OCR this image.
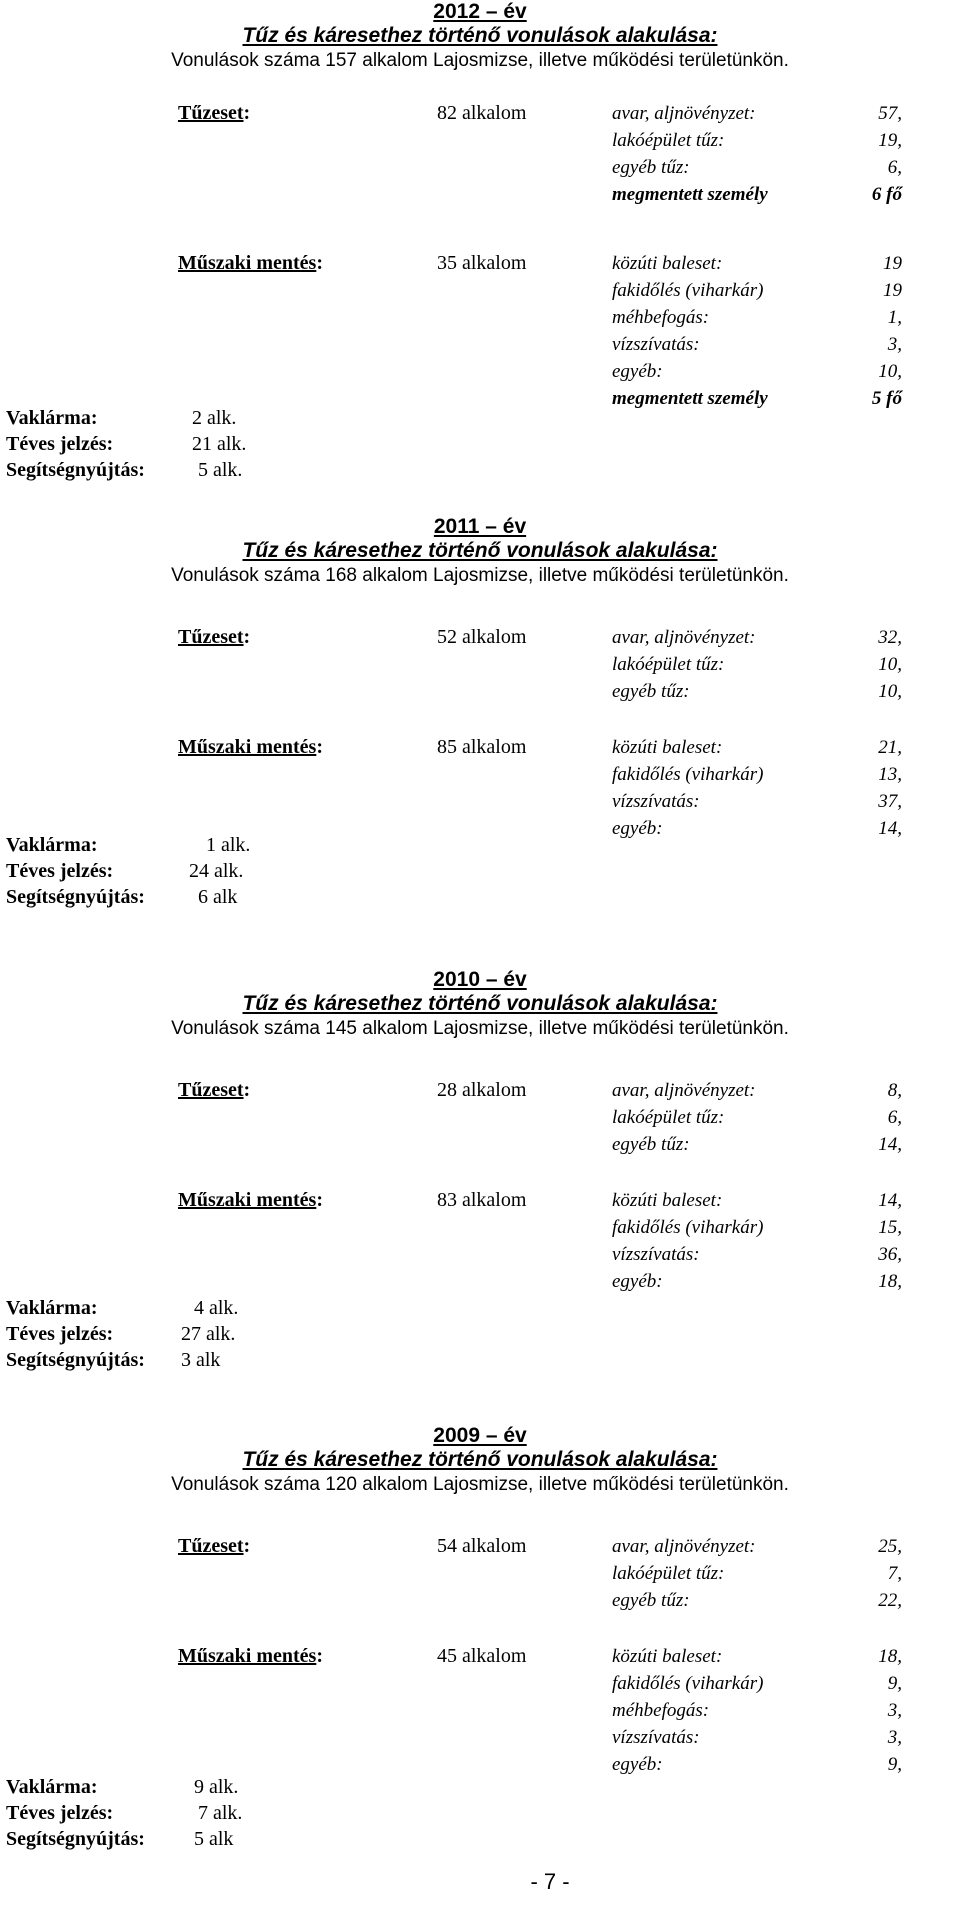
2012 – év
Tűz és káresethez történő vonulások alakulása:
Vonulások száma 157 alkalom Lajosmizse, illetve működési területünkön.
Tűzeset:	82 alkalom	avar, aljnövényzet:	57,
lakóépület tűz:	19,
egyéb tűz:	6,
megmentett személy	6 fő
Műszaki mentés:	35 alkalom	közúti baleset:	19
fakidőlés (viharkár)	19
méhbefogás:	1,
vízszívatás:	3,
egyéb:	10,
megmentett személy	5 fő
Vaklárma:	2 alk.
Téves jelzés:	21 alk.
Segítségnyújtás:	5 alk.
2011 – év
Tűz és káresethez történő vonulások alakulása:
Vonulások száma 168 alkalom Lajosmizse, illetve működési területünkön.
Tűzeset:	52 alkalom	avar, aljnövényzet:	32,
lakóépület tűz:	10,
egyéb tűz:	10,
Műszaki mentés:	85 alkalom	közúti baleset:	21,
fakidőlés (viharkár)	13,
vízszívatás:	37,
egyéb:	14,
Vaklárma:	1 alk.
Téves jelzés:	24 alk.
Segítségnyújtás:	6 alk
2010 – év
Tűz és káresethez történő vonulások alakulása:
Vonulások száma 145 alkalom Lajosmizse, illetve működési területünkön.
Tűzeset:	28 alkalom	avar, aljnövényzet:	8,
lakóépület tűz:	6,
egyéb tűz:	14,
Műszaki mentés:	83 alkalom	közúti baleset:	14,
fakidőlés (viharkár)	15,
vízszívatás:	36,
egyéb:	18,
Vaklárma:	4 alk.
Téves jelzés:	27 alk.
Segítségnyújtás: 3 alk
2009 – év
Tűz és káresethez történő vonulások alakulása:
Vonulások száma 120 alkalom Lajosmizse, illetve működési területünkön.
Tűzeset:	54 alkalom	avar, aljnövényzet:	25,
lakóépület tűz:	7,
egyéb tűz:	22,
Műszaki mentés:	45 alkalom	közúti baleset:	18,
fakidőlés (viharkár)	9,
méhbefogás:	3,
vízszívatás:	3,
egyéb:	9,
Vaklárma:	9 alk.
Téves jelzés:	7 alk.
Segítségnyújtás: 5 alk
- 7 -
